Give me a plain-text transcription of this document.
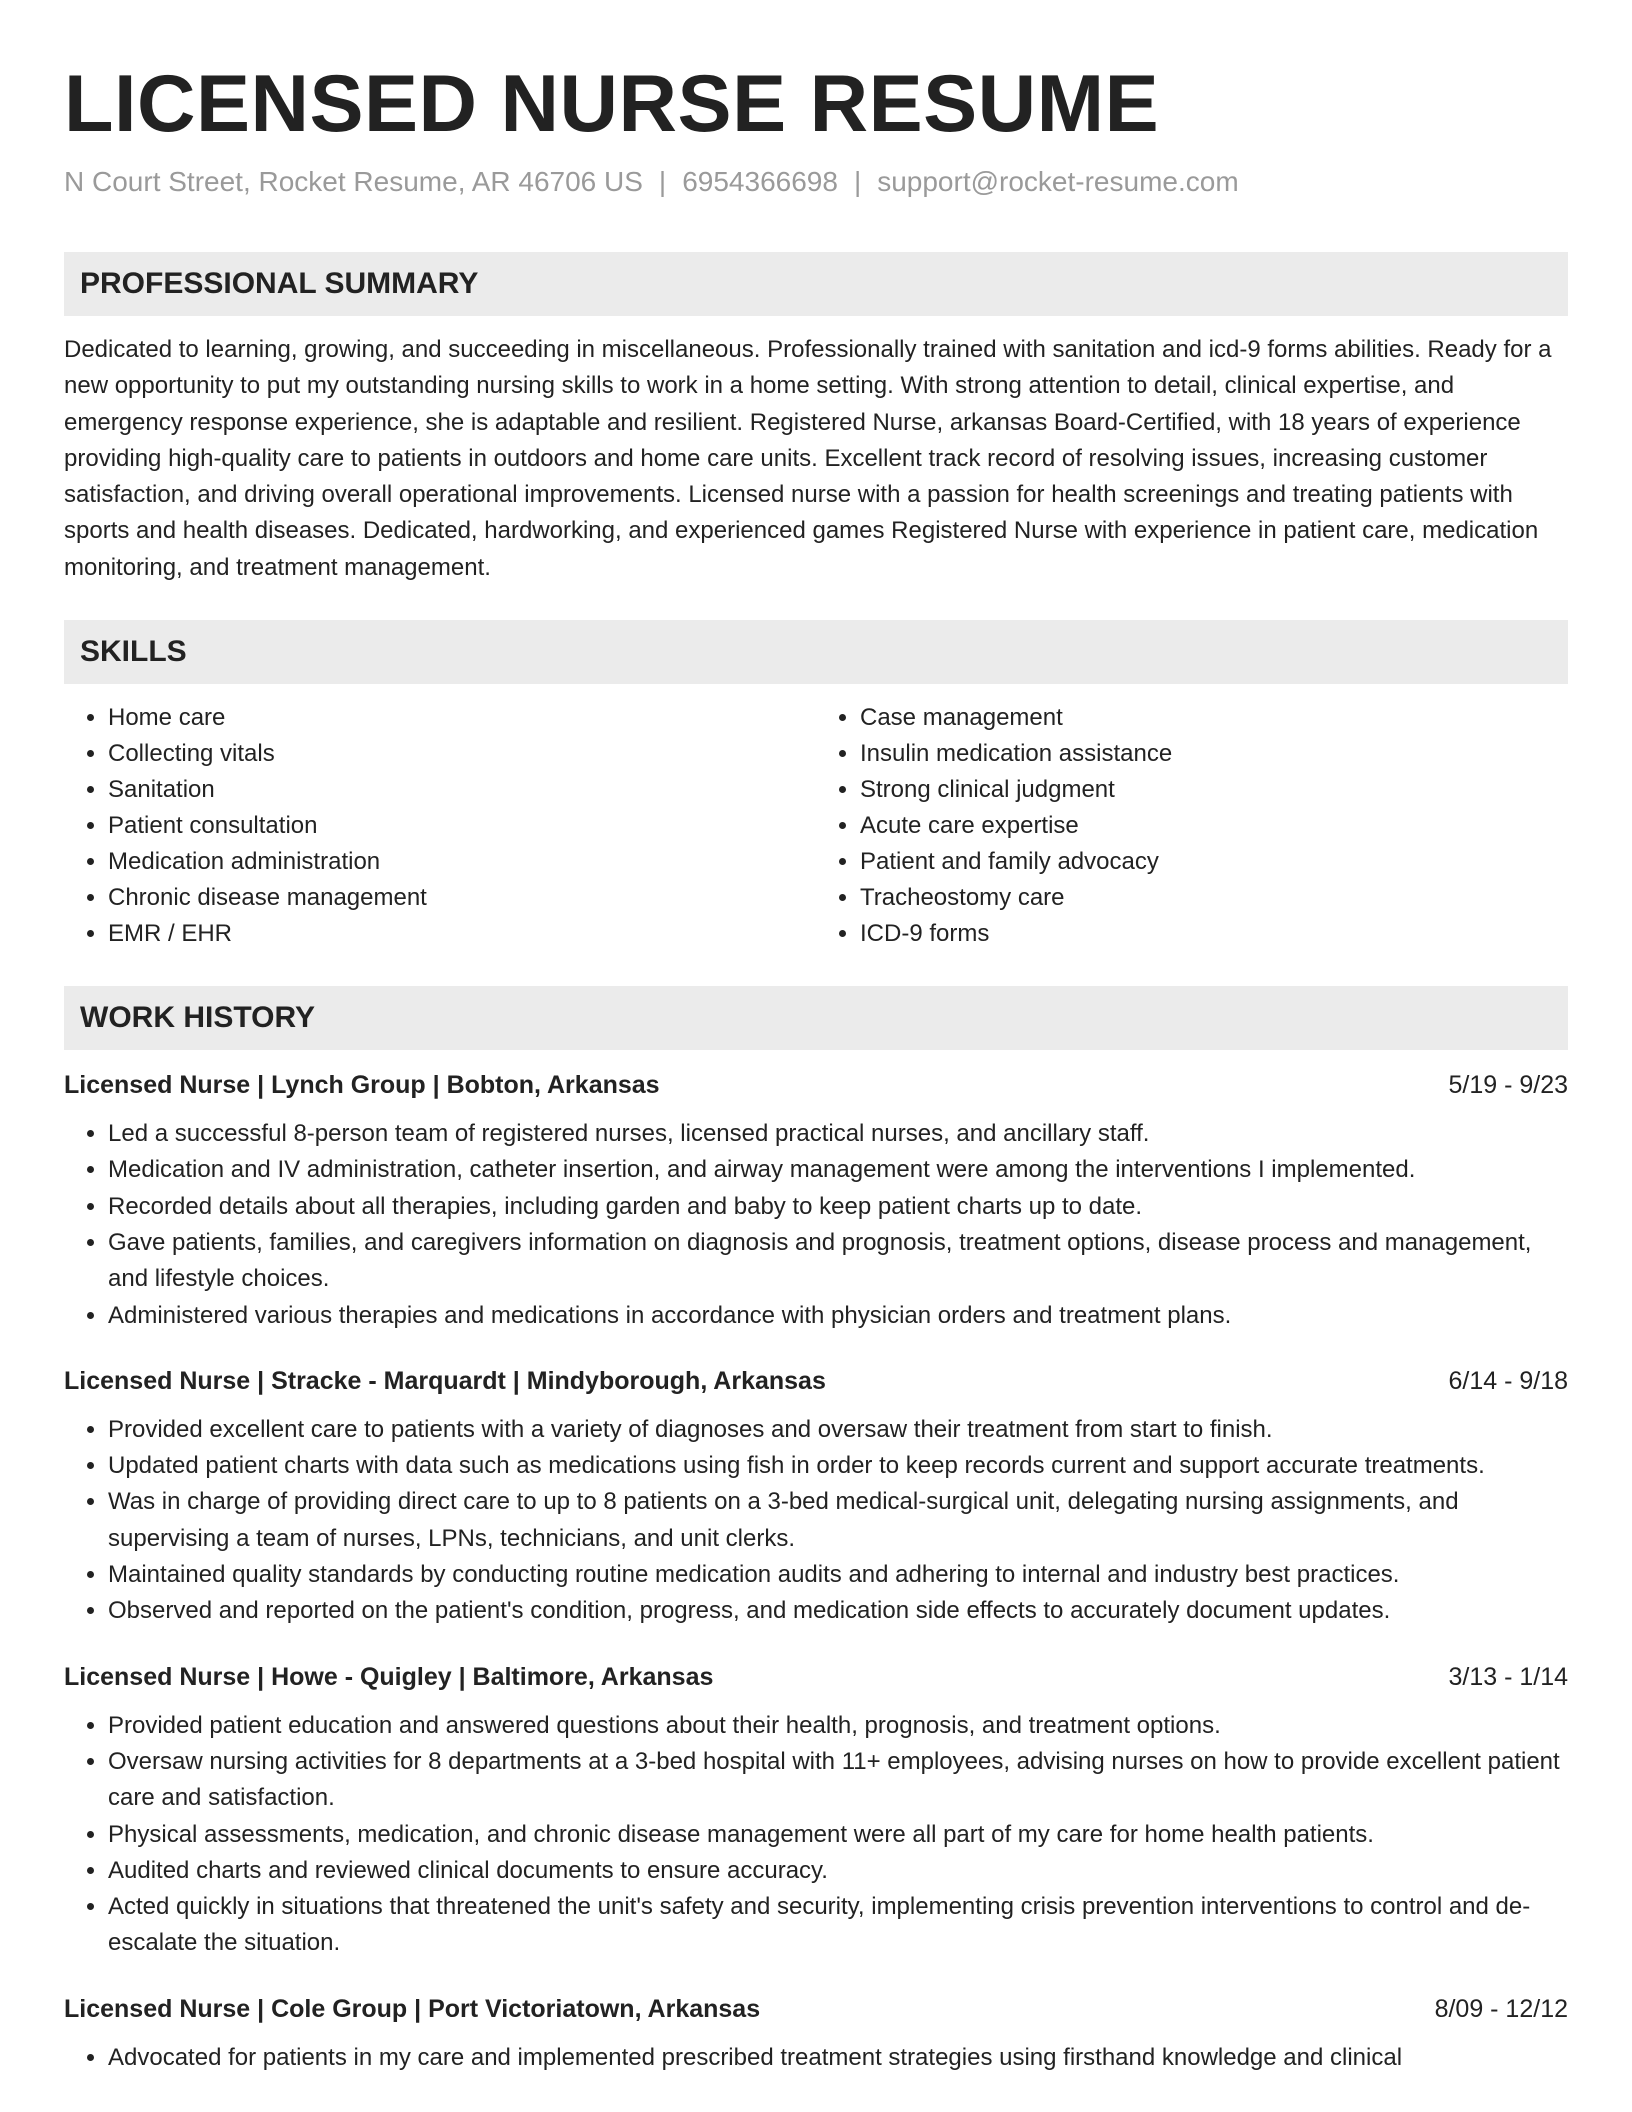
LICENSED NURSE RESUME
N Court Street, Rocket Resume, AR 46706 US | 6954366698 | support@rocket-resume.com
PROFESSIONAL SUMMARY
Dedicated to learning, growing, and succeeding in miscellaneous. Professionally trained with sanitation and icd-9 forms abilities. Ready for a new opportunity to put my outstanding nursing skills to work in a home setting. With strong attention to detail, clinical expertise, and emergency response experience, she is adaptable and resilient. Registered Nurse, arkansas Board-Certified, with 18 years of experience providing high-quality care to patients in outdoors and home care units. Excellent track record of resolving issues, increasing customer satisfaction, and driving overall operational improvements. Licensed nurse with a passion for health screenings and treating patients with sports and health diseases. Dedicated, hardworking, and experienced games Registered Nurse with experience in patient care, medication monitoring, and treatment management.
SKILLS
• Home care
• Collecting vitals
• Sanitation
• Patient consultation
• Medication administration
• Chronic disease management
• EMR / EHR
• Case management
• Insulin medication assistance
• Strong clinical judgment
• Acute care expertise
• Patient and family advocacy
• Tracheostomy care
• ICD-9 forms
WORK HISTORY
Licensed Nurse | Lynch Group | Bobton, Arkansas	5/19 - 9/23
• Led a successful 8-person team of registered nurses, licensed practical nurses, and ancillary staff.
• Medication and IV administration, catheter insertion, and airway management were among the interventions I implemented.
• Recorded details about all therapies, including garden and baby to keep patient charts up to date.
• Gave patients, families, and caregivers information on diagnosis and prognosis, treatment options, disease process and management, and lifestyle choices.
• Administered various therapies and medications in accordance with physician orders and treatment plans.
Licensed Nurse | Stracke - Marquardt | Mindyborough, Arkansas	6/14 - 9/18
• Provided excellent care to patients with a variety of diagnoses and oversaw their treatment from start to finish.
• Updated patient charts with data such as medications using fish in order to keep records current and support accurate treatments.
• Was in charge of providing direct care to up to 8 patients on a 3-bed medical-surgical unit, delegating nursing assignments, and supervising a team of nurses, LPNs, technicians, and unit clerks.
• Maintained quality standards by conducting routine medication audits and adhering to internal and industry best practices.
• Observed and reported on the patient's condition, progress, and medication side effects to accurately document updates.
Licensed Nurse | Howe - Quigley | Baltimore, Arkansas	3/13 - 1/14
• Provided patient education and answered questions about their health, prognosis, and treatment options.
• Oversaw nursing activities for 8 departments at a 3-bed hospital with 11+ employees, advising nurses on how to provide excellent patient care and satisfaction.
• Physical assessments, medication, and chronic disease management were all part of my care for home health patients.
• Audited charts and reviewed clinical documents to ensure accuracy.
• Acted quickly in situations that threatened the unit's safety and security, implementing crisis prevention interventions to control and de-escalate the situation.
Licensed Nurse | Cole Group | Port Victoriatown, Arkansas	8/09 - 12/12
• Advocated for patients in my care and implemented prescribed treatment strategies using firsthand knowledge and clinical
